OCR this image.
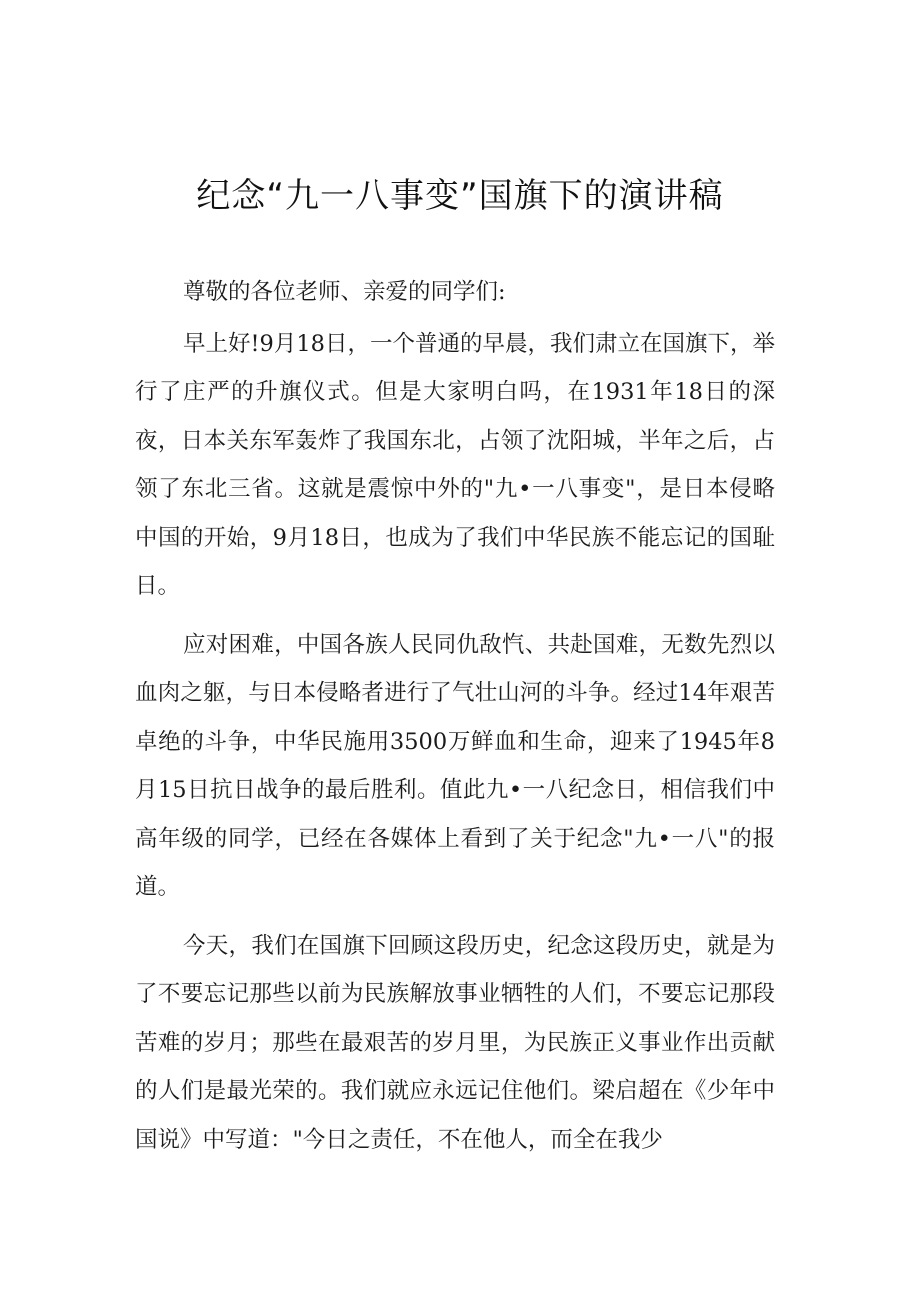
纪念“九一八事变”国旗下的演讲稿

尊敬的各位老师、亲爱的同学们:

早上好!9月18日，一个普通的早晨，我们肃立在国旗下，举行了庄严的升旗仪式。但是大家明白吗，在1931年18日的深夜，日本关东军轰炸了我国东北，占领了沈阳城，半年之后，占领了东北三省。这就是震惊中外的"九•一八事变"，是日本侵略中国的开始，9月18日，也成为了我们中华民族不能忘记的国耻日。

应对困难，中国各族人民同仇敌忾、共赴国难，无数先烈以血肉之躯，与日本侵略者进行了气壮山河的斗争。经过14年艰苦卓绝的斗争，中华民施用3500万鲜血和生命，迎来了1945年8月15日抗日战争的最后胜利。值此九•一八纪念日，相信我们中高年级的同学，已经在各媒体上看到了关于纪念"九•一八"的报道。

今天，我们在国旗下回顾这段历史，纪念这段历史，就是为了不要忘记那些以前为民族解放事业牺牲的人们，不要忘记那段苦难的岁月；那些在最艰苦的岁月里，为民族正义事业作出贡献的人们是最光荣的。我们就应永远记住他们。梁启超在《少年中国说》中写道："今日之责任，不在他人，而全在我少
